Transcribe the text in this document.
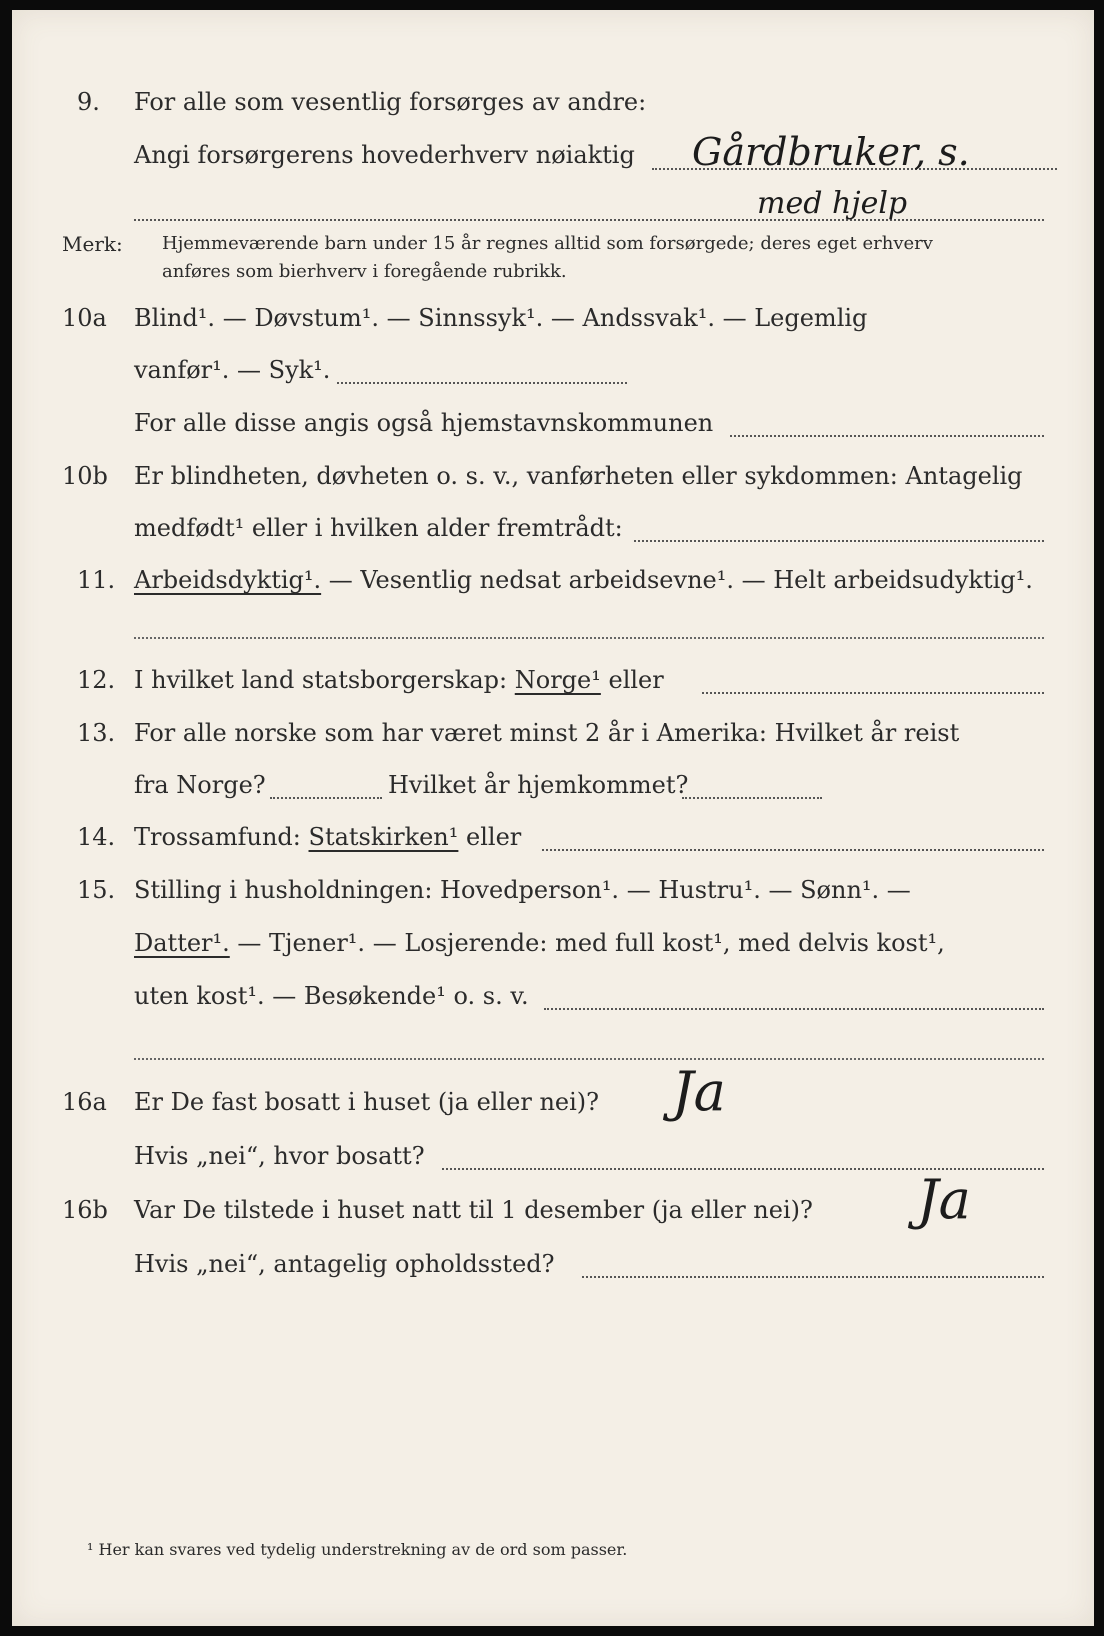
9. For alle som vesentlig forsørges av andre:
Angi forsørgerens hovederhverv nøiaktig Gårdbruker, s.
med hjelp
Merk: Hjemmeværende barn under 15 år regnes alltid som forsørgede; deres eget erhverv
anføres som bierhverv i foregående rubrikk.
10a Blind¹. — Døvstum¹. — Sinnssyk¹. — Andssvak¹. — Legemlig
vanfør¹. — Syk¹.
For alle disse angis også hjemstavnskommunen
10b Er blindheten, døvheten o. s. v., vanførheten eller sykdommen: Antagelig
medfødt¹ eller i hvilken alder fremtrådt:
11. Arbeidsdyktig¹. — Vesentlig nedsat arbeidsevne¹. — Helt arbeidsudyktig¹.
12. I hvilket land statsborgerskap: Norge¹ eller
13. For alle norske som har været minst 2 år i Amerika: Hvilket år reist
fra Norge?	Hvilket år hjemkommet?
14. Trossamfund: Statskirken¹ eller
15. Stilling i husholdningen: Hovedperson¹. — Hustru¹. — Sønn¹. —
Datter¹. — Tjener¹. — Losjerende: med full kost¹, med delvis kost¹,
uten kost¹. — Besøkende¹ o. s. v.
16a Er De fast bosatt i huset (ja eller nei)? Ja
Hvis „nei“, hvor bosatt?
16b Var De tilstede i huset natt til 1 desember (ja eller nei)? Ja
Hvis „nei“, antagelig opholdssted?
¹ Her kan svares ved tydelig understrekning av de ord som passer.
